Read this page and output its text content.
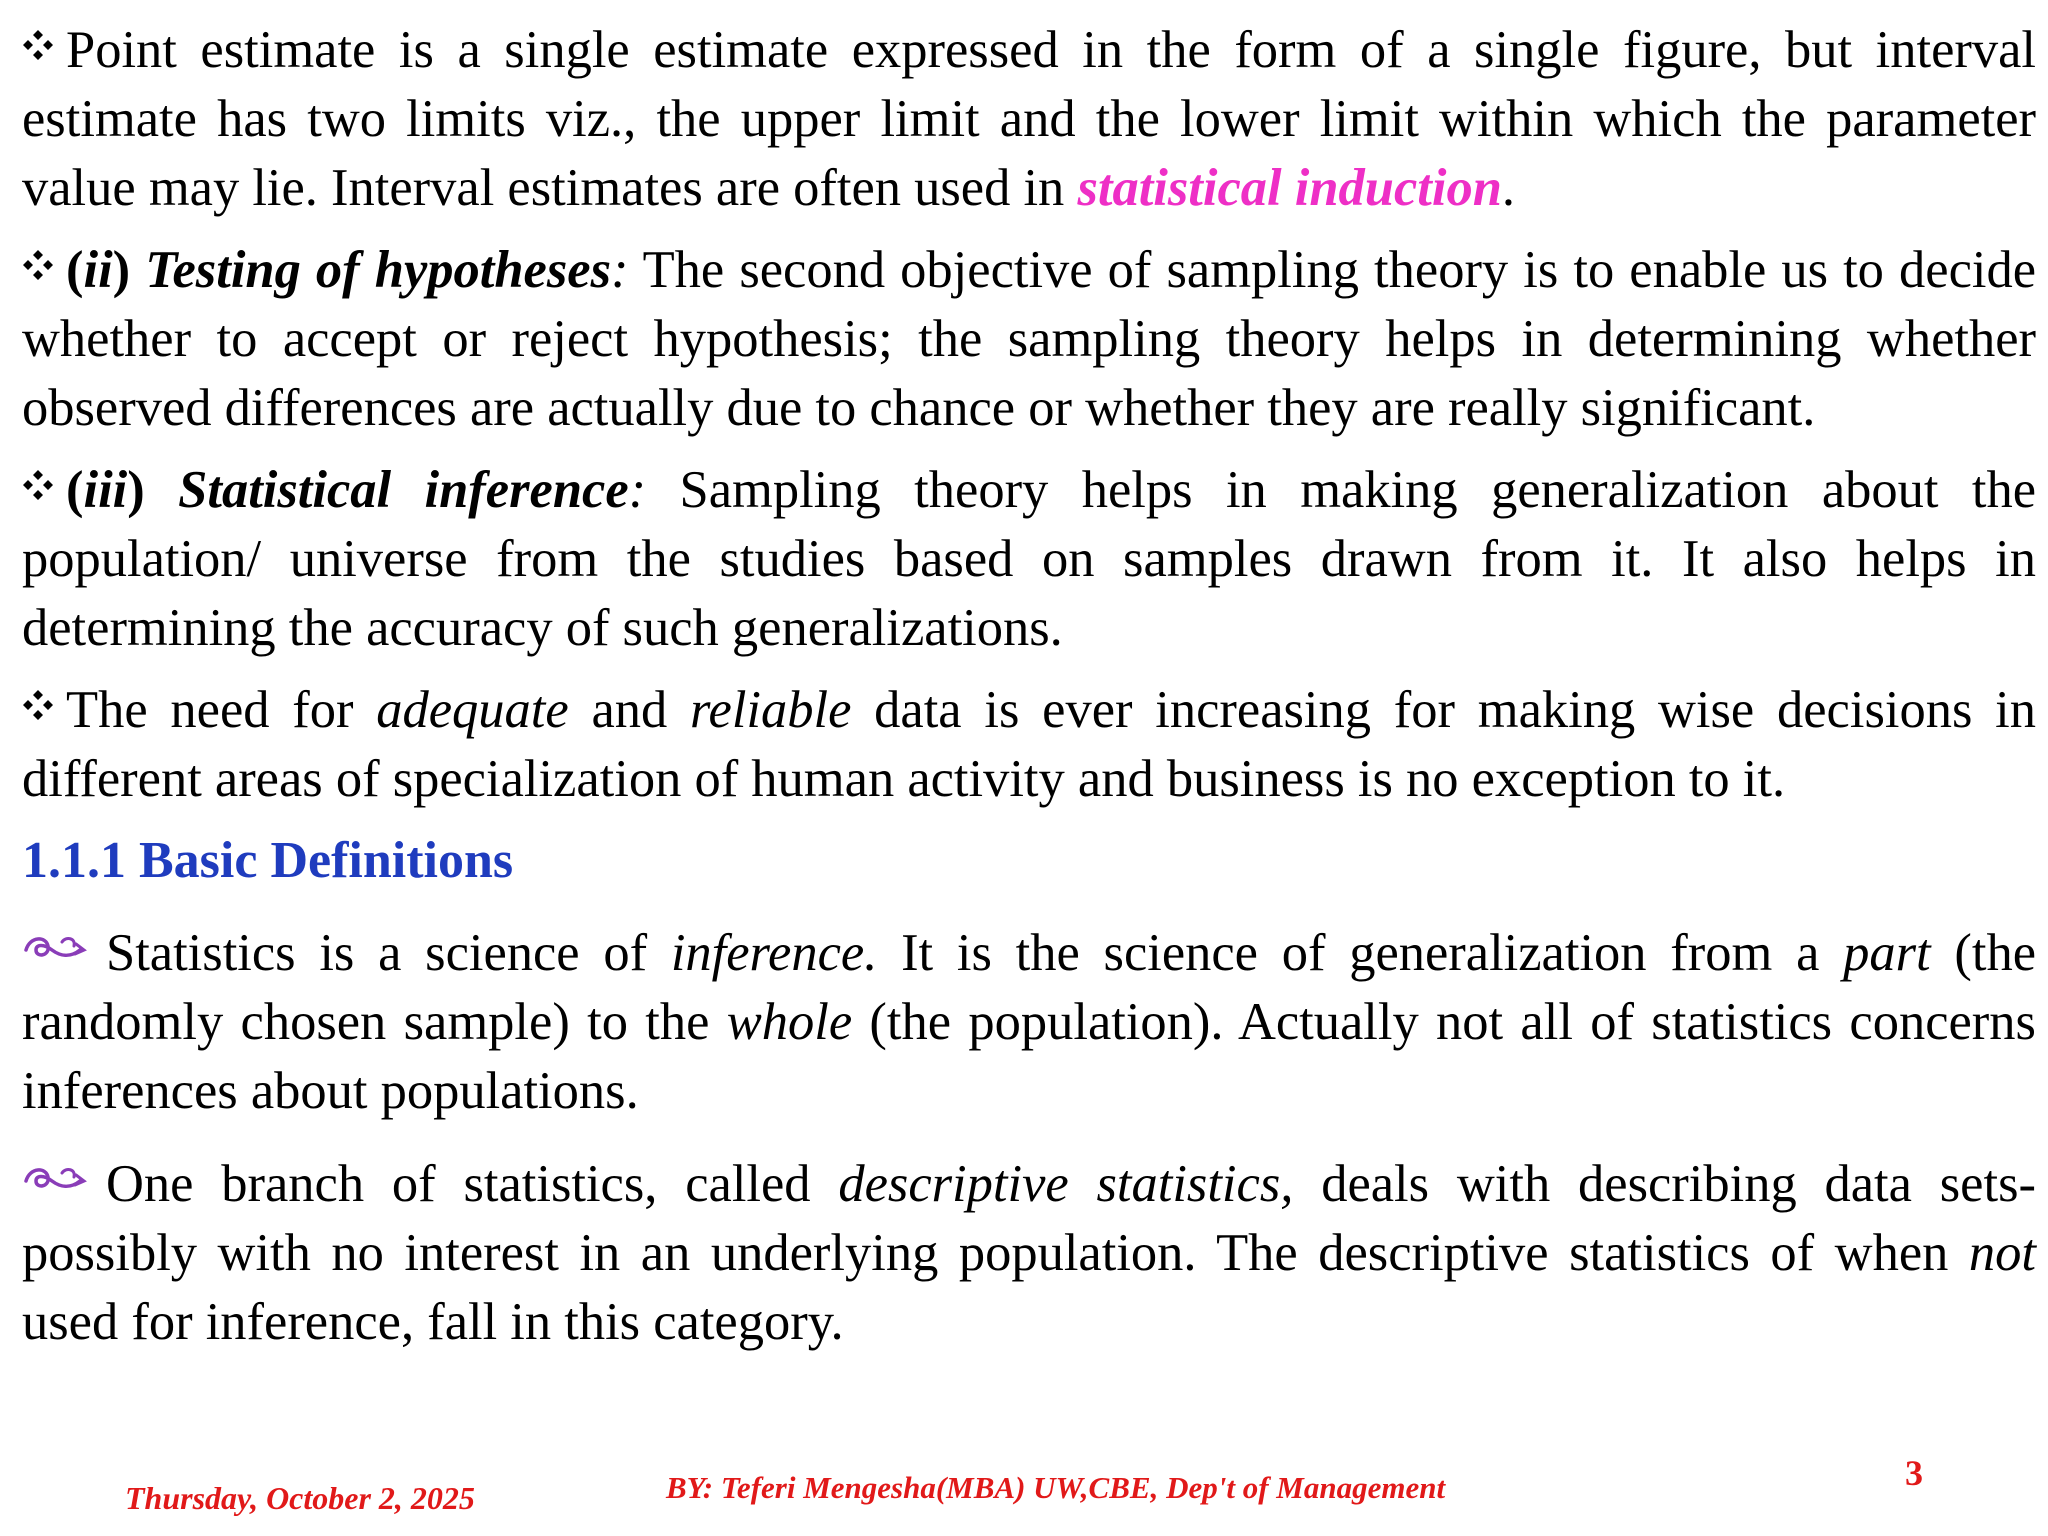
Point estimate is a single estimate expressed in the form of a single figure, but interval estimate has two limits viz., the upper limit and the lower limit within which the parameter value may lie. Interval estimates are often used in statistical induction.

(ii) Testing of hypotheses: The second objective of sampling theory is to enable us to decide whether to accept or reject hypothesis; the sampling theory helps in determining whether observed differences are actually due to chance or whether they are really significant.

(iii) Statistical inference: Sampling theory helps in making generalization about the population/ universe from the studies based on samples drawn from it. It also helps in determining the accuracy of such generalizations.

The need for adequate and reliable data is ever increasing for making wise decisions in different areas of specialization of human activity and business is no exception to it.

1.1.1 Basic Definitions

Statistics is a science of inference. It is the science of generalization from a part (the randomly chosen sample) to the whole (the population). Actually not all of statistics concerns inferences about populations.

One branch of statistics, called descriptive statistics, deals with describing data sets-possibly with no interest in an underlying population. The descriptive statistics of when not used for inference, fall in this category.

Thursday, October 2, 2025	BY: Teferi Mengesha(MBA) UW,CBE, Dep't of Management	3
